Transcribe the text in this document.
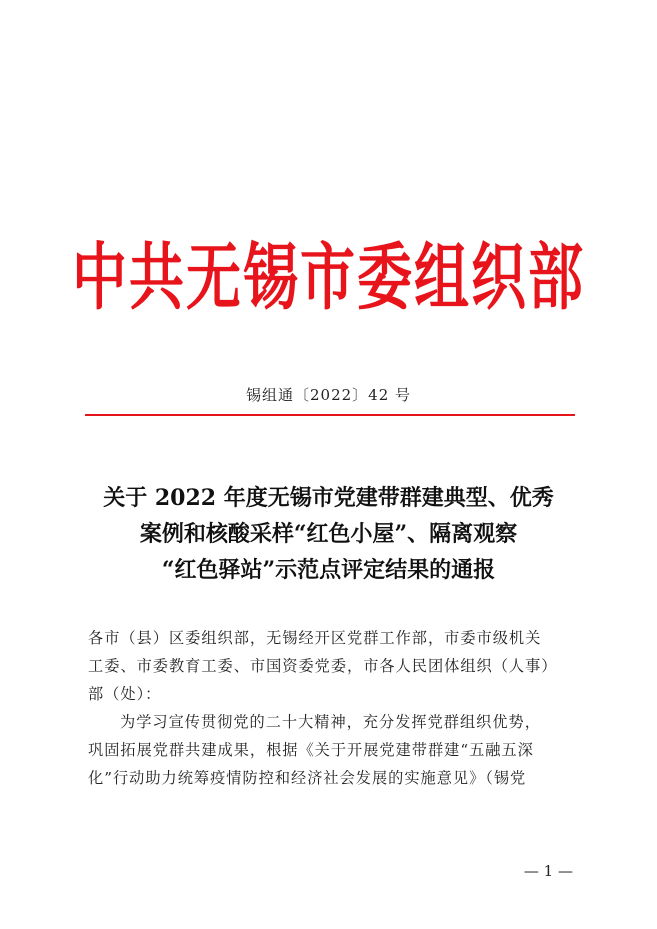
中共无锡市委组织部
锡组通〔2022〕42 号
关于 2022 年度无锡市党建带群建典型、优秀
案例和核酸采样“红色小屋”、隔离观察
“红色驿站”示范点评定结果的通报
各市（县）区委组织部，无锡经开区党群工作部，市委市级机关
工委、市委教育工委、市国资委党委，市各人民团体组织（人事）
部（处）：
为学习宣传贯彻党的二十大精神，充分发挥党群组织优势，
巩固拓展党群共建成果，根据《关于开展党建带群建“五融五深
化”行动助力统筹疫情防控和经济社会发展的实施意见》（锡党
— 1 —
